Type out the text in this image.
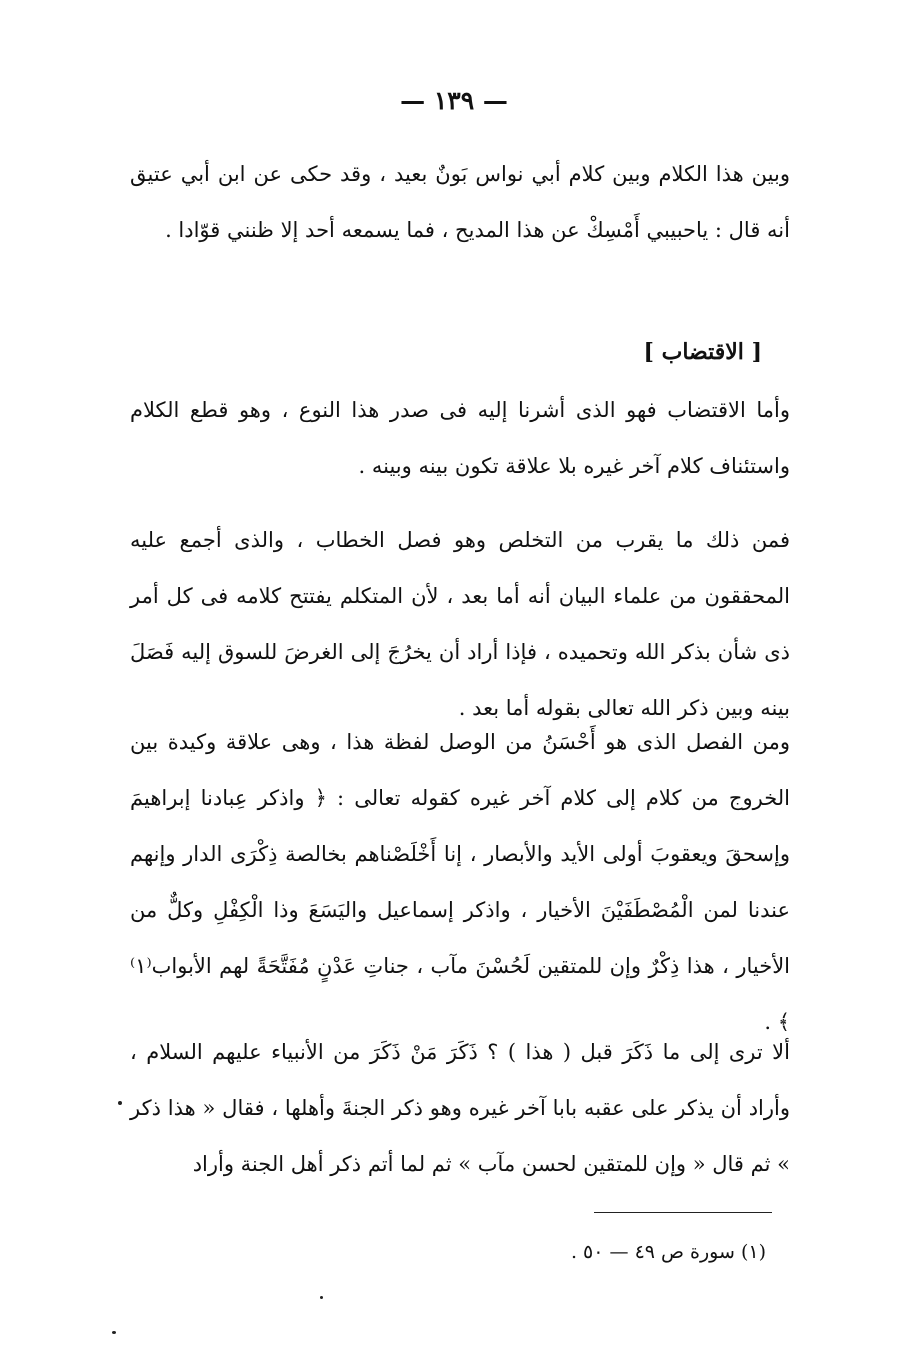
— ١٣٩ —

وبين هذا الكلام وبين كلام أبي نواس بَونٌ بعيد ، وقد حكى عن ابن أبي عتيق أنه قال : ياحبيبي أَمْسِكْ عن هذا المديح ، فما يسمعه أحد إلا ظنني قوّادا .

[ الاقتضاب ]

وأما الاقتضاب فهو الذى أشرنا إليه فى صدر هذا النوع ، وهو قطع الكلام واستئناف كلام آخر غيره بلا علاقة تكون بينه وبينه .

فمن ذلك ما يقرب من التخلص وهو فصل الخطاب ، والذى أجمع عليه المحققون من علماء البيان أنه أما بعد ، لأن المتكلم يفتتح كلامه فى كل أمر ذى شأن بذكر الله وتحميده ، فإذا أراد أن يخرُجَ إلى الغرضَ للسوق إليه فَصَلَ بينه وبين ذكر الله تعالى بقوله أما بعد .

ومن الفصل الذى هو أَحْسَنُ من الوصل لفظة هذا ، وهى علاقة وكيدة بين الخروج من كلام إلى كلام آخر غيره كقوله تعالى : ﴿ واذكر عِبادنا إبراهيمَ وإسحقَ ويعقوبَ أولى الأيد والأبصار ، إنا أَخْلَصْناهم بخالصة ذِكْرَى الدار وإنهم عندنا لمن الْمُصْطَفَيْنَ الأخيار ، واذكر إسماعيل واليَسَعَ وذا الْكِفْلِ وكلٌّ من الأخيار ، هذا ذِكْرٌ وإن للمتقين لَحُسْنَ مآب ، جناتِ عَدْنٍ مُفَتَّحَةً لهم الأبواب⁽١⁾ ﴾ .

ألا ترى إلى ما ذَكَرَ قبل ( هذا ) ؟ ذَكَرَ مَنْ ذَكَرَ من الأنبياء عليهم السلام ، وأراد أن يذكر على عقبه بابا آخر غيره وهو ذكر الجنةَ وأهلها ، فقال « هذا ذكر » ثم قال « وإن للمتقين لحسن مآب » ثم لما أتم ذكر أهل الجنة وأراد

(١) سورة ص ٤٩ — ٥٠ .
